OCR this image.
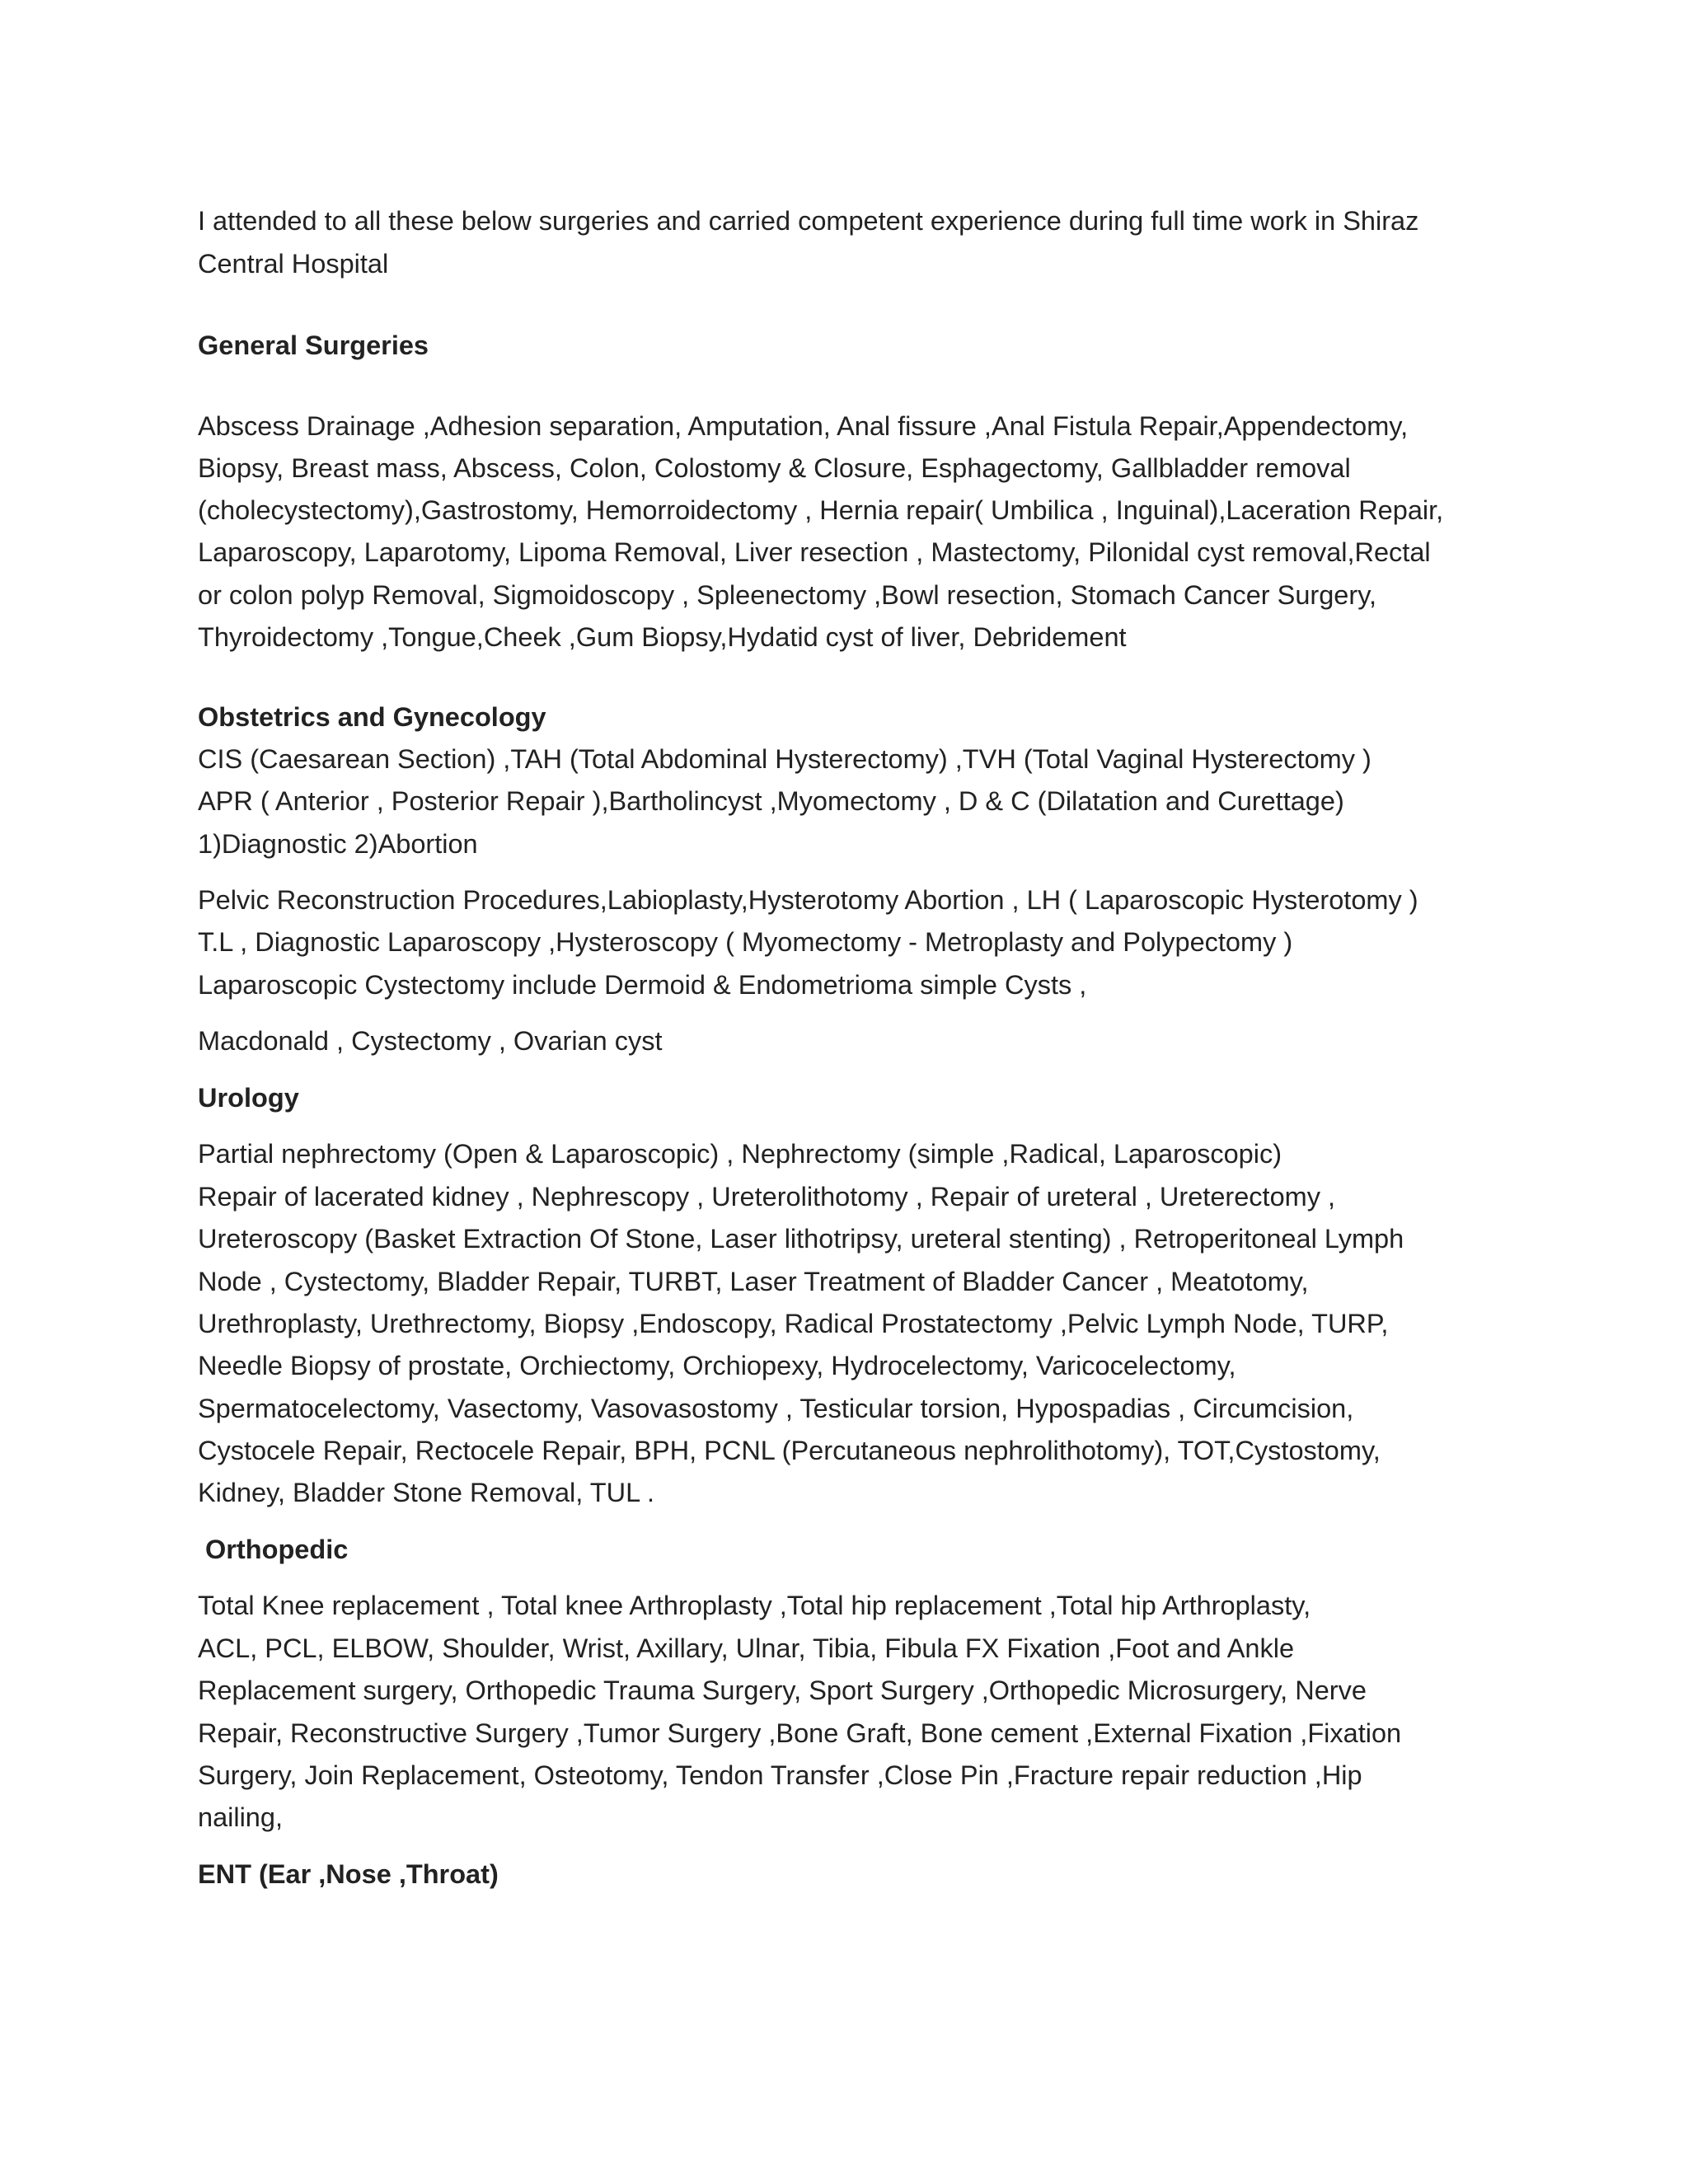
I attended to all these below surgeries and carried competent experience during full time work in Shiraz
Central Hospital
General Surgeries
Abscess Drainage ,Adhesion separation, Amputation, Anal fissure ,Anal Fistula Repair,Appendectomy,
Biopsy, Breast mass, Abscess, Colon, Colostomy & Closure, Esphagectomy, Gallbladder removal
(cholecystectomy),Gastrostomy, Hemorroidectomy , Hernia repair( Umbilica , Inguinal),Laceration Repair,
Laparoscopy, Laparotomy, Lipoma Removal, Liver resection , Mastectomy, Pilonidal cyst removal,Rectal
or colon polyp Removal, Sigmoidoscopy , Spleenectomy ,Bowl resection, Stomach Cancer Surgery,
Thyroidectomy ,Tongue,Cheek ,Gum Biopsy,Hydatid cyst of liver, Debridement
Obstetrics and Gynecology
CIS (Caesarean Section) ,TAH (Total Abdominal Hysterectomy) ,TVH (Total Vaginal Hysterectomy )
APR ( Anterior , Posterior Repair ),Bartholincyst ,Myomectomy , D & C (Dilatation and Curettage)
1)Diagnostic 2)Abortion
Pelvic Reconstruction Procedures,Labioplasty,Hysterotomy Abortion , LH ( Laparoscopic Hysterotomy )
T.L , Diagnostic Laparoscopy ,Hysteroscopy ( Myomectomy - Metroplasty and Polypectomy )
Laparoscopic Cystectomy include Dermoid & Endometrioma simple Cysts ,
Macdonald , Cystectomy , Ovarian cyst
Urology
Partial nephrectomy (Open & Laparoscopic) , Nephrectomy (simple ,Radical, Laparoscopic)
Repair of lacerated kidney , Nephrescopy , Ureterolithotomy , Repair of ureteral , Ureterectomy ,
Ureteroscopy (Basket Extraction Of Stone, Laser lithotripsy, ureteral stenting) , Retroperitoneal Lymph
Node , Cystectomy, Bladder Repair, TURBT, Laser Treatment of Bladder Cancer , Meatotomy,
Urethroplasty, Urethrectomy, Biopsy ,Endoscopy, Radical Prostatectomy ,Pelvic Lymph Node, TURP,
Needle Biopsy of prostate, Orchiectomy, Orchiopexy, Hydrocelectomy, Varicocelectomy,
Spermatocelectomy, Vasectomy, Vasovasostomy , Testicular torsion, Hypospadias , Circumcision,
Cystocele Repair, Rectocele Repair, BPH, PCNL (Percutaneous nephrolithotomy), TOT,Cystostomy,
Kidney, Bladder Stone Removal, TUL .
Orthopedic
Total Knee replacement , Total knee Arthroplasty ,Total hip replacement ,Total hip Arthroplasty,
ACL, PCL, ELBOW, Shoulder, Wrist, Axillary, Ulnar, Tibia, Fibula FX Fixation ,Foot and Ankle
Replacement surgery, Orthopedic Trauma Surgery, Sport Surgery ,Orthopedic Microsurgery, Nerve
Repair, Reconstructive Surgery ,Tumor Surgery ,Bone Graft, Bone cement ,External Fixation ,Fixation
Surgery, Join Replacement, Osteotomy, Tendon Transfer ,Close Pin ,Fracture repair reduction ,Hip
nailing,
ENT (Ear ,Nose ,Throat)
